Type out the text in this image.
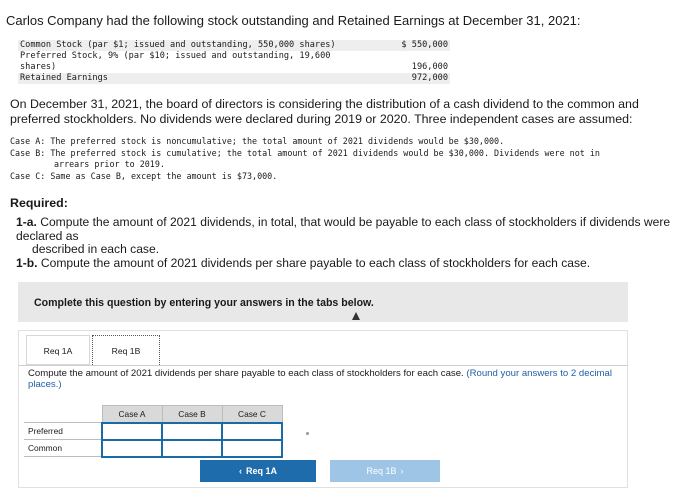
Carlos Company had the following stock outstanding and Retained Earnings at December 31, 2021:
Common Stock (par $1; issued and outstanding, 550,000 shares)	$ 550,000
Preferred Stock, 9% (par $10; issued and outstanding, 19,600
shares)	196,000
Retained Earnings	972,000
On December 31, 2021, the board of directors is considering the distribution of a cash dividend to the common and preferred stockholders. No dividends were declared during 2019 or 2020. Three independent cases are assumed:
Case A: The preferred stock is noncumulative; the total amount of 2021 dividends would be $30,000.
Case B: The preferred stock is cumulative; the total amount of 2021 dividends would be $30,000. Dividends were not in
arrears prior to 2019.
Case C: Same as Case B, except the amount is $73,000.
Required:
1-a. Compute the amount of 2021 dividends, in total, that would be payable to each class of stockholders if dividends were declared as
described in each case.
1-b. Compute the amount of 2021 dividends per share payable to each class of stockholders for each case.
Complete this question by entering your answers in the tabs below.
Req 1A	Req 1B
Compute the amount of 2021 dividends per share payable to each class of stockholders for each case. (Round your answers to 2 decimal places.)
	Case A	Case B	Case C
Preferred			
Common			
‹ Req 1A	Req 1B ›
